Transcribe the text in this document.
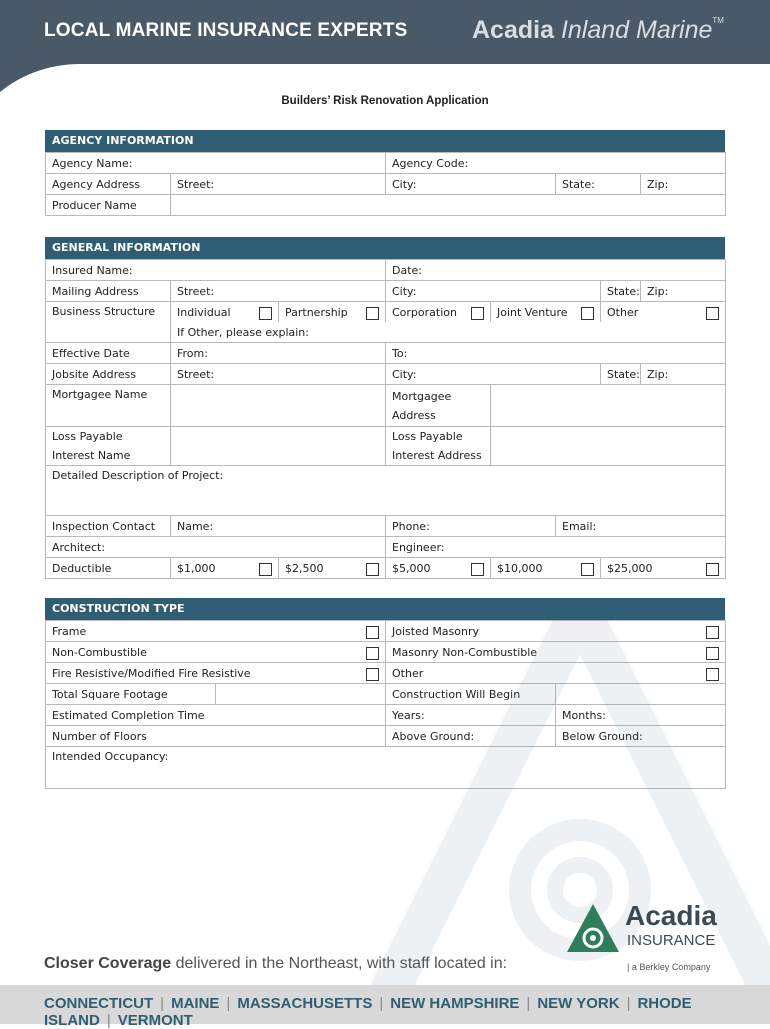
LOCAL MARINE INSURANCE EXPERTS	Acadia Inland Marine™
Builders’ Risk Renovation Application
AGENCY INFORMATION
Agency Name:		Agency Code:		
Agency Address	Street:	City:	State:	Zip:
Producer Name				
GENERAL INFORMATION
Insured Name:			Date:				
Mailing Address	Street:		City:			State:	Zip:
Business Structure	Individual	Partnership	Corporation	Joint Venture		Other	

	If Other, please explain:						
Effective Date	From:		To:				
Jobsite Address	Street:		City:			State:	Zip:
Mortgagee Name			Mortgagee
Address				
Loss Payable
Interest Name			Loss Payable
Interest Address				
Detailed Description of Project:							
Inspection Contact	Name:		Phone:		Email:		
Architect:			Engineer:				
Deductible	$1,000	$2,500	$5,000	$10,000		$25,000	
CONSTRUCTION TYPE
Frame		Joisted Masonry	

Non-Combustible		Masonry Non-Combustible	

Fire Resistive/Modified Fire Resistive		Other	

Total Square Footage		Construction Will Begin	
Estimated Completion Time		Years:	Months:
Number of Floors		Above Ground:	Below Ground:
Intended Occupancy:			
Closer Coverage delivered in the Northeast, with staff located in:
Acadia
INSURANCE
| a Berkley Company
CONNECTICUT | MAINE | MASSACHUSETTS | NEW HAMPSHIRE | NEW YORK | RHODE ISLAND | VERMONT
